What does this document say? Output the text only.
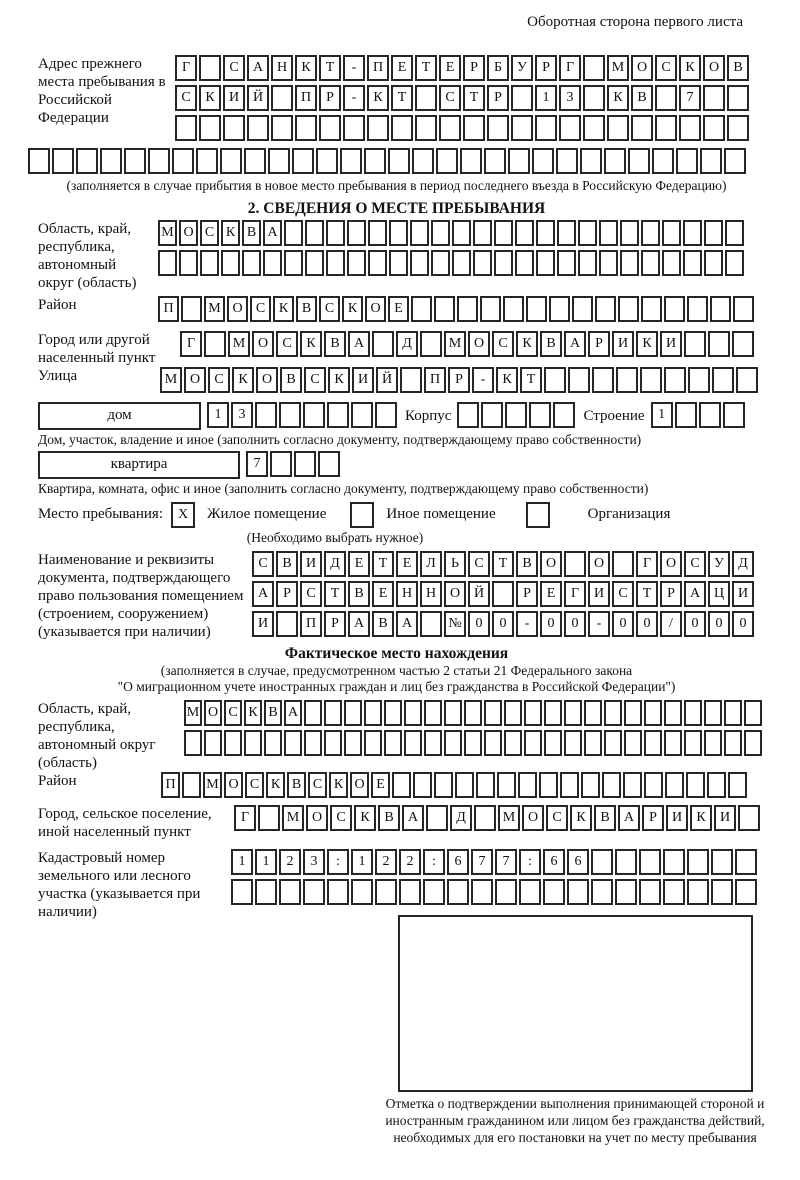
Оборотная сторона первого листа
Адрес прежнего места пребывания в Российской Федерации
Г	С	А Н	К	Т	-	П	Е	Т	Е	Р	Б	У	Р	Г	М О	С	К	О	В
С	К	И Й	П	Р	-	К	Т	С	Т	Р	1	3	К	В	7
(заполняется в случае прибытия в новое место пребывания в период последнего въезда в Российскую Федерацию)
2. СВЕДЕНИЯ О МЕСТЕ ПРЕБЫВАНИЯ
Область, край, республика, автономный округ (область)
М О С К В А
Район	П	М О С К В С К О Е
Город или другой населенный пункт
Г	М О	С	К	В	А	Д	М О	С	К	В	А	Р	И	К	И
Улица	М О	С	К	О	В	С	К	И Й	П	Р	-	К	Т
дом	1	3	Корпус	Строение 1
Дом, участок, владение и иное (заполнить согласно документу, подтверждающему право собственности)
квартира	7
Квартира, комната, офис и иное (заполнить согласно документу, подтверждающему право собственности)
Место пребывания:	X	Жилое помещение	Иное помещение	Организация
(Необходимо выбрать нужное)
Наименование и реквизиты документа, подтверждающего право пользования помещением (строением, сооружением) (указывается при наличии)
С	В	И	Д	Е	Т	Е	Л	Ь	С	Т	В	О	О	Г	О	С	У	Д
А	Р	С	Т	В	Е	Н Н О Й	Р	Е	Г	И	С	Т	Р	А Ц И
И	П	Р	А	В	А	№ 0	0	-	0	0	-	0	0	/	0	0	0
Фактическое место нахождения
(заполняется в случае, предусмотренном частью 2 статьи 21 Федерального закона
"О миграционном учете иностранных граждан и лиц без гражданства в Российской Федерации")
Область, край, республика, автономный округ (область)
М О С К В А
Район	П	М О С К В С К О Е
Город, сельское поселение, иной населенный пункт
Г	М О	С	К	В	А	Д	М О	С	К	В	А	Р	И	К	И
Кадастровый номер земельного или лесного участка (указывается при наличии)
1	1	2	3	:	1	2	2	:	6	7	7	:	6	6
Отметка о подтверждении выполнения принимающей стороной и иностранным гражданином или лицом без гражданства действий, необходимых для его постановки на учет по месту пребывания
